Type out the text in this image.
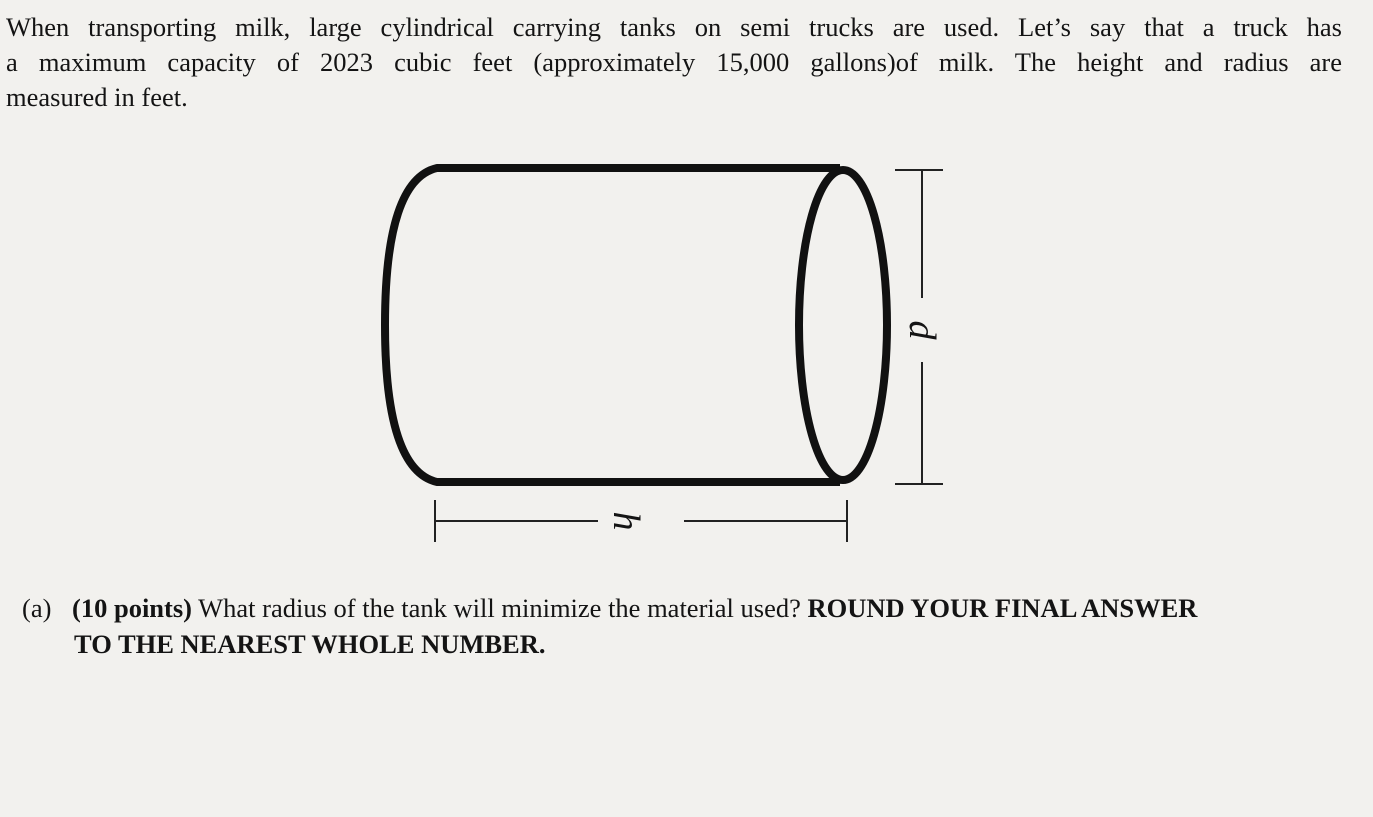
When transporting milk, large cylindrical carrying tanks on semi trucks are used. Let’s say that a truck has
a maximum capacity of 2023 cubic feet (approximately 15,000 gallons)of milk. The height and radius are
measured in feet.
h
d
(a) (10 points) What radius of the tank will minimize the material used? ROUND YOUR FINAL ANSWER
TO THE NEAREST WHOLE NUMBER.
